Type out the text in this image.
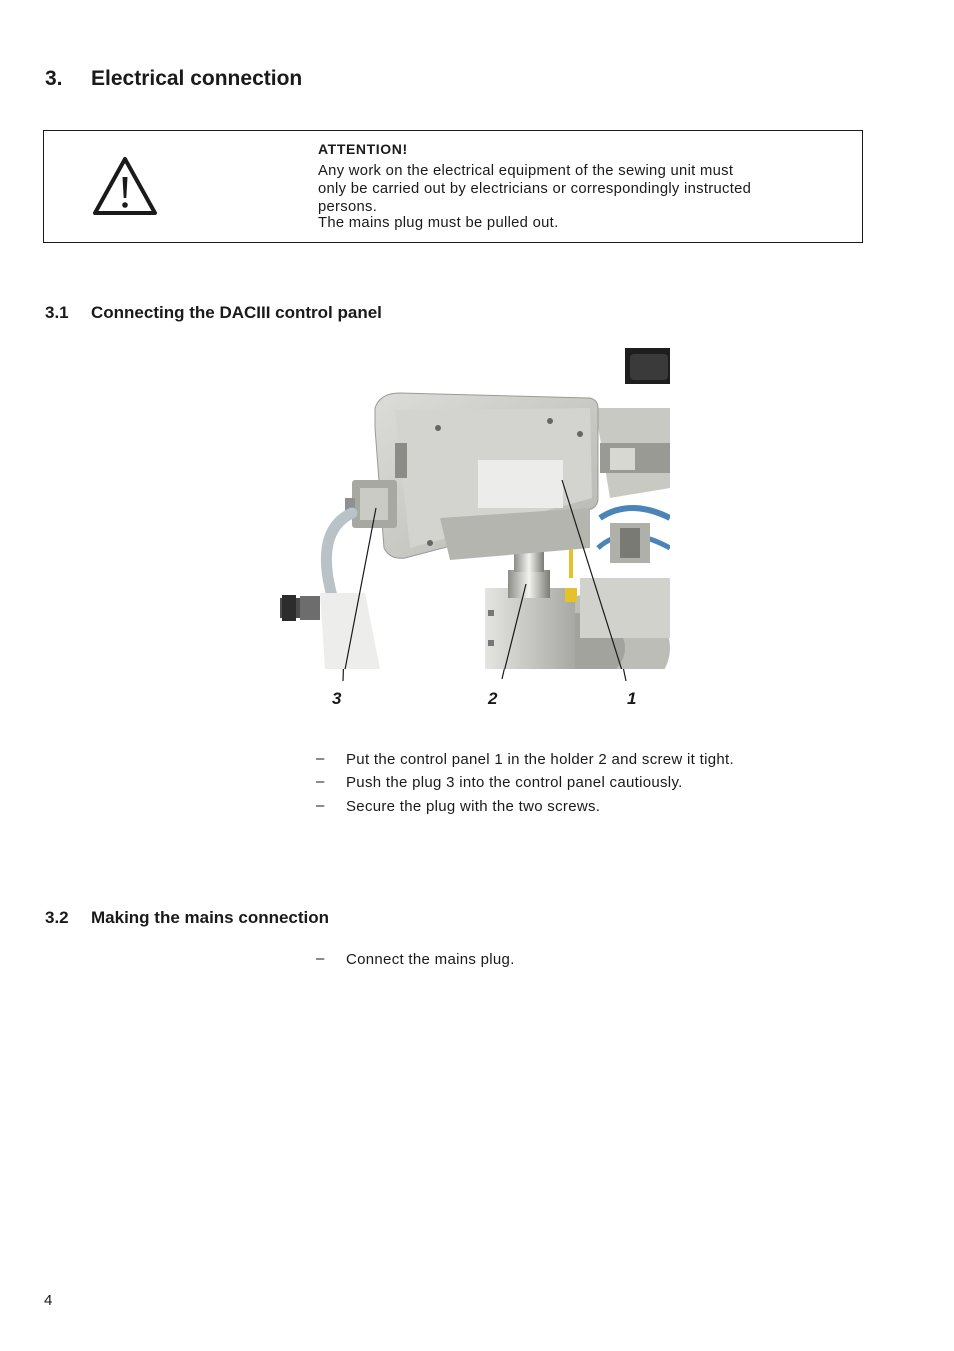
3. Electrical connection
ATTENTION!
Any work on the electrical equipment of the sewing unit must
only be carried out by electricians or correspondingly instructed
persons.
The mains plug must be pulled out.
3.1 Connecting the DACIII control panel
3	2	1
– Put the control panel 1 in the holder 2 and screw it tight.
– Push the plug 3 into the control panel cautiously.
– Secure the plug with the two screws.
3.2 Making the mains connection
– Connect the mains plug.
4
